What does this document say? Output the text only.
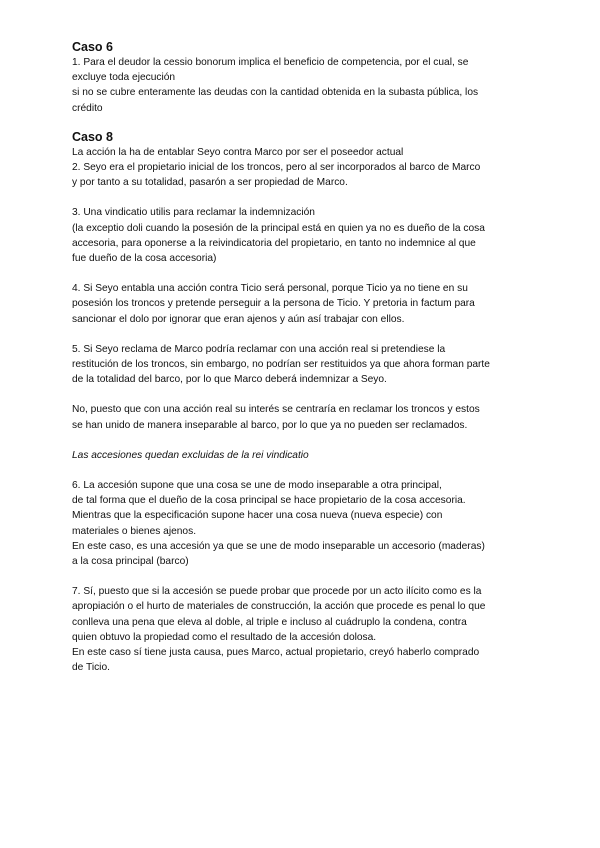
Caso 6

1. Para el deudor la cessio bonorum implica el beneficio de competencia, por el cual, se

excluye toda ejecución

si no se cubre enteramente las deudas con la cantidad obtenida en la subasta pública, los

crédito

Caso 8

La acción la ha de entablar Seyo contra Marco por ser el poseedor actual

2. Seyo era el propietario inicial de los troncos, pero al ser incorporados al barco de Marco

y por tanto a su totalidad, pasarón a ser propiedad de Marco.

3. Una vindicatio utilis para reclamar la indemnización

(la exceptio doli cuando la posesión de la principal está en quien ya no es dueño de la cosa

accesoria, para oponerse a la reivindicatoria del propietario, en tanto no indemnice al que

fue dueño de la cosa accesoria)

4. Si Seyo entabla una acción contra Ticio será personal, porque Ticio ya no tiene en su

posesión los troncos y pretende perseguir a la persona de Ticio. Y pretoria in factum para

sancionar el dolo por ignorar que eran ajenos y aún así trabajar con ellos.

5. Si Seyo reclama de Marco podría reclamar con una acción real si pretendiese la

restitución de los troncos, sin embargo, no podrían ser restituidos ya que ahora forman parte

de la totalidad del barco, por lo que Marco deberá indemnizar a Seyo.

No, puesto que con una acción real su interés se centraría en reclamar los troncos y estos

se han unido de manera inseparable al barco, por lo que ya no pueden ser reclamados.

Las accesiones quedan excluidas de la rei vindicatio

6. La accesión supone que una cosa se une de modo inseparable a otra principal,

de tal forma que el dueño de la cosa principal se hace propietario de la cosa accesoria.

Mientras que la especificación supone hacer una cosa nueva (nueva especie) con

materiales o bienes ajenos.

En este caso, es una accesión ya que se une de modo inseparable un accesorio (maderas)

a la cosa principal (barco)

7. Sí, puesto que si la accesión se puede probar que procede por un acto ilícito como es la

apropiación o el hurto de materiales de construcción, la acción que procede es penal lo que

conlleva una pena que eleva al doble, al triple e incluso al cuádruplo la condena, contra

quien obtuvo la propiedad como el resultado de la accesión dolosa.

En este caso sí tiene justa causa, pues Marco, actual propietario, creyó haberlo comprado

de Ticio.
